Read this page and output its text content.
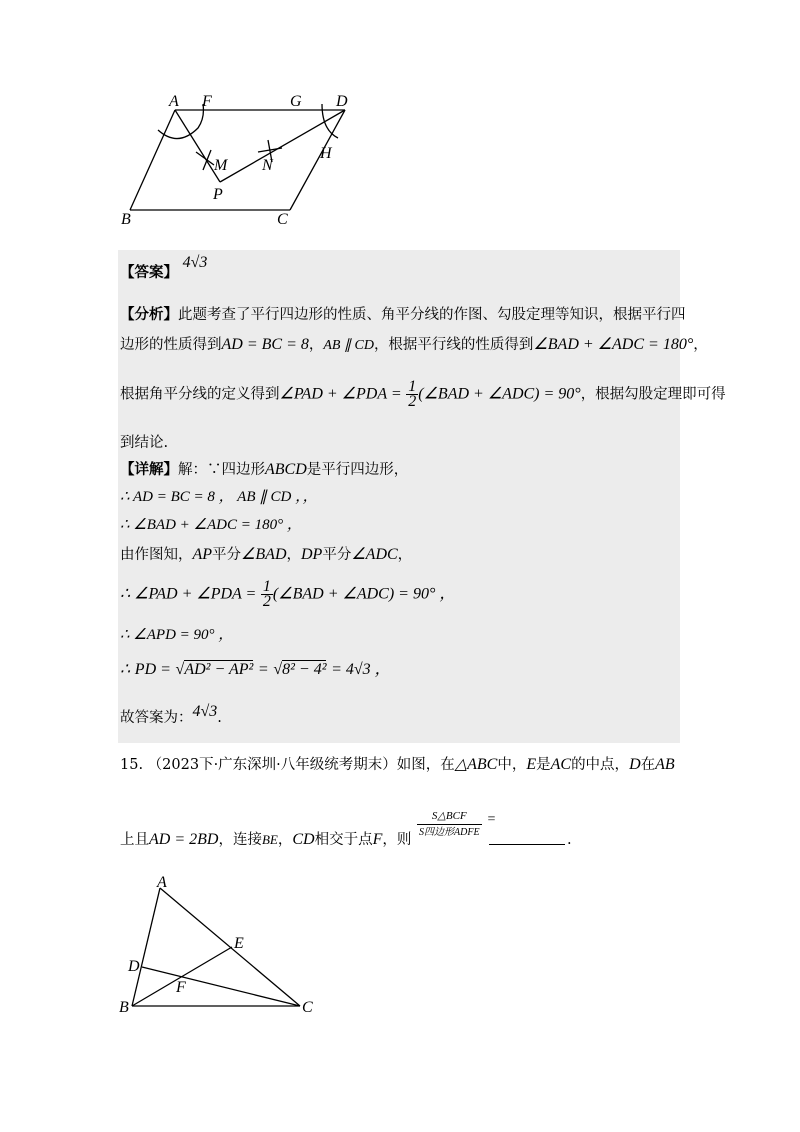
A F	G D
M N
H
P
B	C
【答案】 4√3
【分析】此题考查了平行四边形的性质、角平分线的作图、勾股定理等知识，根据平行四
边形的性质得到AD = BC = 8，AB ∥ CD，根据平行线的性质得到∠BAD + ∠ADC = 180°，
根据角平分线的定义得到∠PAD + ∠PDA = $\frac{1}{2}$ (∠BAD + ∠ADC) = 90°，根据勾股定理即可得
到结论.
【详解】解：∵四边形ABCD是平行四边形，
∴ AD = BC = 8 ， AB ∥ CD ，，
∴ ∠BAD + ∠ADC = 180° ，
由作图知，AP平分∠BAD，DP平分∠ADC，
∴ ∠PAD + ∠PDA = $\frac{1}{2}$ (∠BAD + ∠ADC) = 90° ，
∴ ∠APD = 90° ，
∴ PD = √AD² − AP² = √8² − 4² = 4√3 ，
故答案为：4√3.
15. （2023下·广东深圳·八年级统考期末）如图，在△ABC中，E是AC的中点，D在AB
上且AD = 2BD，连接BE，CD相交于点F，则 $\frac{\text{S△BCF}}{\text{S四边形ADFE}}$ =
.
A
E
D
F
B	C
